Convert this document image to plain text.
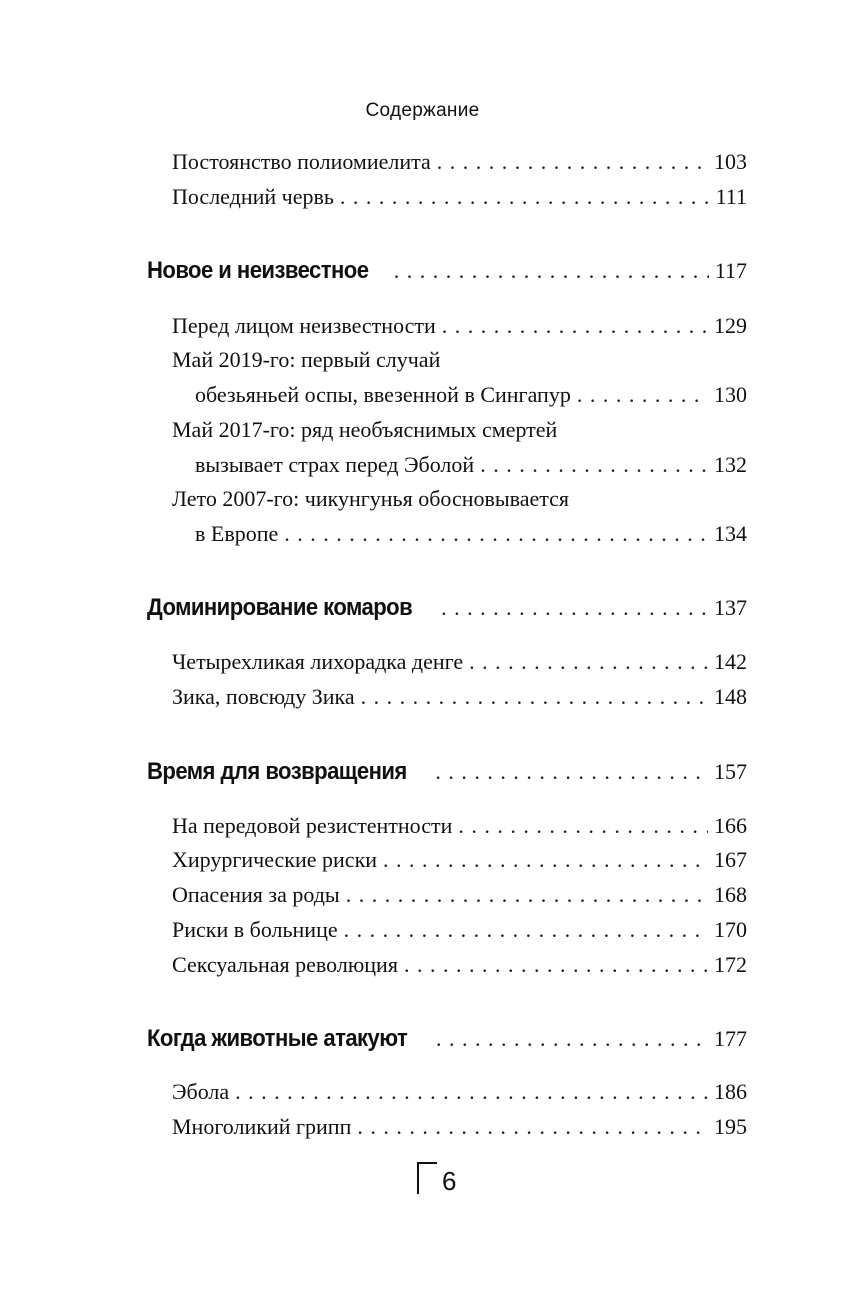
Содержание
Постоянство полиомиелита . . .	103
Последний червь . . .	111
Новое и неизвестное . . .	117
Перед лицом неизвестности . . .	129
Май 2019-го: первый случай
обезьяньей оспы, ввезенной в Сингапур . . .	130
Май 2017-го: ряд необъяснимых смертей
вызывает страх перед Эболой . . .	132
Лето 2007-го: чикунгунья обосновывается
в Европе . . .	134
Доминирование комаров . . .	137
Четырехликая лихорадка денге . . .	142
Зика, повсюду Зика . . .	148
Время для возвращения . . .	157
На передовой резистентности . . .	166
Хирургические риски . . .	167
Опасения за роды . . .	168
Риски в больнице . . .	170
Сексуальная революция . . .	172
Когда животные атакуют . . .	177
Эбола . . .	186
Многоликий грипп . . .	195
6
